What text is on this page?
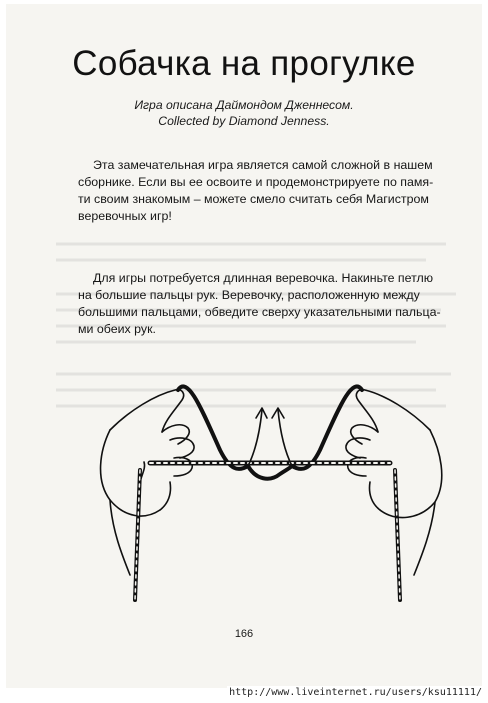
Собачка на прогулке
Игра описана Даймондом Дженнесом.
Collected by Diamond Jenness.
Эта замечательная игра является самой сложной в нашем
сборнике. Если вы ее освоите и продемонстрируете по памя-
ти своим знакомым – можете смело считать себя Магистром
веревочных игр!
Для игры потребуется длинная веревочка. Накиньте петлю
на большие пальцы рук. Веревочку, расположенную между
большими пальцами, обведите сверху указательными пальца-
ми обеих рук.
166
http://www.liveinternet.ru/users/ksu11111/
